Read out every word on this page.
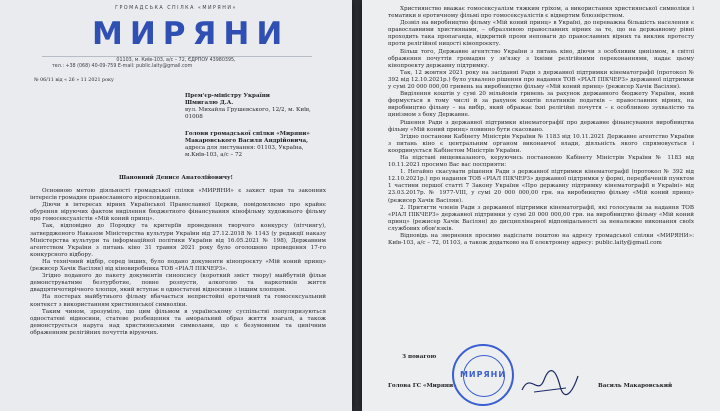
ГРОМАДСЬКА СПІЛКА «МИРЯНИ»
МИРЯНИ
01103, м. Київ-103, а/с – 72, ЄДРПОУ 43980395,
тел.: +38 (068) 40-09-759 E-mail: public.laity@gmail.com
№ 06/11 від « 26 » 11 2021 року
Прем'єр-міністру України
Шмигалю Д.А.
вул. Михайла Грушевського, 12/2, м. Київ,
01008
Голови громадської спілки «Миряни»
Макаровського Василя Андрійовича,
адреса для листування: 01103, Україна,
м.Київ-103, а/с – 72
Шановний Денисе Анатолійовичу!
Основною метою діяльності громадської спілки «МИРЯНИ» є захист прав та законних інтересів громадян православного віросповідання.
Діючи в інтересах вірних Української Православної Церкви, повідомляємо про крайнє обурення віруючих фактом виділення бюджетного фінансування кінофільму художнього фільму про гомосексуалістів «Мій коний принц».
Так, відповідно до Порядку та критеріїв проведення творчого конкурсу (пітчингу), затвердженого Наказом Міністерства культури України від 27.12.2018 № 1143 (у редакції наказу Міністерства культури та інформаційної політики України від 16.05.2021 № 198), Державним агентством України з питань кіно 31 травня 2021 року було оголошено проведення 17-го конкурсного відбору.
На технічний відбір, серед інших, було подано документи кінопроєкту «Мій коний принц» (режисер Хачік Васілян) від кіновиробника ТОВ «РІАЛ ПІКЧЕРЗ».
Згідно поданого до пакету документів синопсису (короткий зміст твору) майбутній фільм демонструватиме безтурботне, повне розпусти, алкоголю та наркотиків життя двадцятичотирічного хлопця, який вступає в одностатеві відносини з іншим хлопцем.
На постерах майбутнього фільму вбачається непристойні еротичний та гомосексуальний контекст з використанням християнської символіки.
Таким чином, зрозуміло, що цим фільмом в українському суспільстві популяризуються одностатеві відносини, статеве розбещення та аморальний образ життя взагалі, а також демонструється наруга над християнськими символами, що є безумовним та цинічним ображенням релігійних почуттів віруючих.
Християнство вважає гомосексуалізм тяжким гріхом, а використання християнської символіки і тематики в еротичному фільмі про гомосексуалістів є відвертим блюзнірством.
Дозвіл на виробництво фільму «Мій коний принц» в Україні, до переважна більшість населення є православними християнами, – образливою православних вірних за те, що на державному рівні проходить така пропаганда, відкритий прояв неповаги до православних вірних та виклик протесту проти релігійної ницості кінопроєкту.
Більш того, Державне агентство України з питань кіно, діючи з особливим цинізмом, в світлі ображення почуттів громадян у зв'язку з їхніми релігійними переконаннями, надає цьому кінопроекту державну підтримку.
Так, 12 жовтня 2021 року на засіданні Ради з державної підтримки кінематографії (протокол № 392 від 12.10.2021р.) було ухвалено рішення про надання ТОВ «РІАЛ ПІКЧЕРЗ» державної підтримки у сумі 20 000 000,00 гривень на виробництво фільму «Мій коний принц» (режисер Хачік Васілян).
Виділення коштів у сумі 20 мільйонів гривень за рахунок державного бюджету України, який формується в тому числі й за рахунок коштів платників податків – православних вірних, на виробництво фільму – на вибір, який ображає їхні релігійні почуття – є особливою зухвалістю та цинізмом з боку Державне.
Рішення Ради з державної підтримки кінематографії про державне фінансування виробництва фільму «Мій коний принц» повинно бути скасовано.
Згідно постанови Кабінету Міністрів України № 1183 від 10.11.2021 Державне агентство України з питань кіно є центральним органом виконавчої влади, діяльність якого спрямовується і координується Кабінетом Міністрів України.
На підставі вищевказаного, керуючись постановою Кабінету Міністрів України № 1183 від 10.11.2021 просимо Вас вас посприяти:
1. Негайно скасувати рішення Ради з державної підтримки кінематографії (протокол № 392 від 12.10.2021р.) про надання ТОВ «РІАЛ ПІКЧЕРЗ» державної підтримки у формі, передбаченій пунктом 1 частини першої статті 7 Закону України «Про державну підтримку кінематографії в Україні» від 23.03.2017р. № 1977-VIII, у сумі 20 000 000,00 грн. на виробництво фільму «Мій коний принц» (режисер Хачік Васілян).
2. Притягти членів Ради з державної підтримки кінематографії, які голосували за надання ТОВ «РІАЛ ПІКЧЕРЗ» державної підтримки у сумі 20 000 000,00 грн. на виробництво фільму «Мій коний принц» (режисер Хачік Васілян) до дисциплінарної відповідальності за неналежне виконання своїх службових обов'язків.
Відповідь на звернення просимо надіслати поштою на адресу громадської спілки «МИРЯНИ»: Київ-103, а/с – 72, 01103, а також додатково на її електронну адресу: public.laity@gmail.com
З повагою
Голова ГС «Миряни»	Василь Макаровський
МИРЯНИ
